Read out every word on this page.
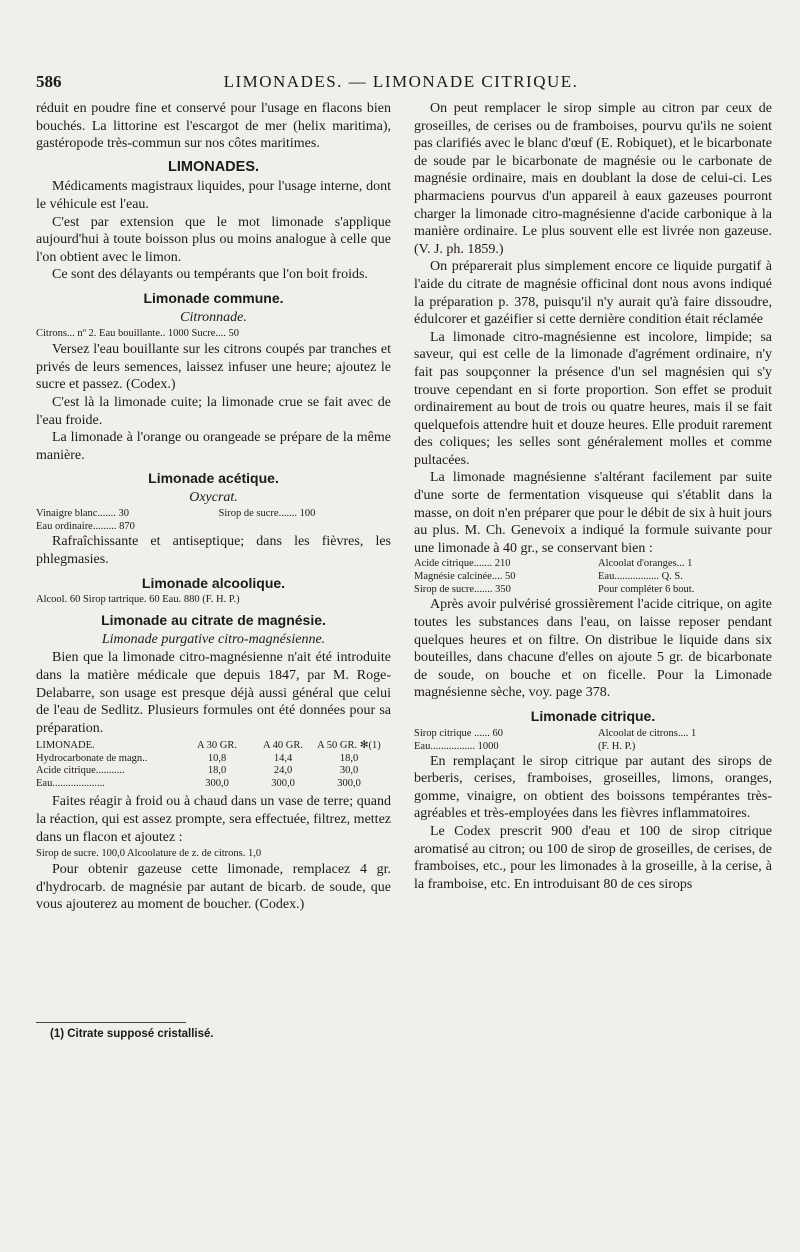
586	LIMONADES. — LIMONADE CITRIQUE.

réduit en poudre fine et conservé pour l'usage en flacons bien bouchés. La littorine est l'escargot de mer (helix maritima), gastéropode très-commun sur nos côtes maritimes.

LIMONADES.

Médicaments magistraux liquides, pour l'usage interne, dont le véhicule est l'eau.

C'est par extension que le mot limonade s'applique aujourd'hui à toute boisson plus ou moins analogue à celle que l'on obtient avec le limon.

Ce sont des délayants ou tempérants que l'on boit froids.

Limonade commune.
Citronnade.
Citrons... nº 2. Eau bouillante.. 1000 Sucre.... 50

Versez l'eau bouillante sur les citrons coupés par tranches et privés de leurs semences, laissez infuser une heure; ajoutez le sucre et passez. (Codex.)

C'est là la limonade cuite; la limonade crue se fait avec de l'eau froide.

La limonade à l'orange ou orangeade se prépare de la même manière.

Limonade acétique.
Oxycrat.
Vinaigre blanc....... 30	Sirop de sucre....... 100
Eau ordinaire......... 870

Rafraîchissante et antiseptique; dans les fièvres, les phlegmasies.

Limonade alcoolique.
Alcool. 60 Sirop tartrique. 60 Eau. 880 (F. H. P.)
Limonade au citrate de magnésie.
Limonade purgative citro-magnésienne.

Bien que la limonade citro-magnésienne n'ait été introduite dans la matière médicale que depuis 1847, par M. Roge-Delabarre, son usage est presque déjà aussi général que celui de l'eau de Sedlitz. Plusieurs formules ont été données pour sa préparation.

LIMONADE.	A 30 GR.	A 40 GR.	A 50 GR. ✻(1)
Hydrocarbonate de magn..	10,8	14,4	18,0
Acide citrique...........	18,0	24,0	30,0
Eau....................	300,0	300,0	300,0

Faites réagir à froid ou à chaud dans un vase de terre; quand la réaction, qui est assez prompte, sera effectuée, filtrez, mettez dans un flacon et ajoutez :

Sirop de sucre. 100,0 Alcoolature de z. de citrons. 1,0

Pour obtenir gazeuse cette limonade, remplacez 4 gr. d'hydrocarb. de magnésie par autant de bicarb. de soude, que vous ajouterez au moment de boucher. (Codex.)

On peut remplacer le sirop simple au citron par ceux de groseilles, de cerises ou de framboises, pourvu qu'ils ne soient pas clarifiés avec le blanc d'œuf (E. Robiquet), et le bicarbonate de soude par le bicarbonate de magnésie ou le carbonate de magnésie ordinaire, mais en doublant la dose de celui-ci. Les pharmaciens pourvus d'un appareil à eaux gazeuses pourront charger la limonade citro-magnésienne d'acide carbonique à la manière ordinaire. Le plus souvent elle est livrée non gazeuse. (V. J. ph. 1859.)

On préparerait plus simplement encore ce liquide purgatif à l'aide du citrate de magnésie officinal dont nous avons indiqué la préparation p. 378, puisqu'il n'y aurait qu'à faire dissoudre, édulcorer et gazéifier si cette dernière condition était réclamée

La limonade citro-magnésienne est incolore, limpide; sa saveur, qui est celle de la limonade d'agrément ordinaire, n'y fait pas soupçonner la présence d'un sel magnésien qui s'y trouve cependant en si forte proportion. Son effet se produit ordinairement au bout de trois ou quatre heures, mais il se fait quelquefois attendre huit et douze heures. Elle produit rarement des coliques; les selles sont généralement molles et comme pultacées.

La limonade magnésienne s'altérant facilement par suite d'une sorte de fermentation visqueuse qui s'établit dans la masse, on doit n'en préparer que pour le débit de six à huit jours au plus. M. Ch. Genevoix a indiqué la formule suivante pour une limonade à 40 gr., se conservant bien :

Acide citrique....... 210	Alcoolat d'oranges... 1
Magnésie calcinée.... 50	Eau................. Q. S.
Sirop de sucre....... 350	Pour compléter 6 bout.

Après avoir pulvérisé grossièrement l'acide citrique, on agite toutes les substances dans l'eau, on laisse reposer pendant quelques heures et on filtre. On distribue le liquide dans six bouteilles, dans chacune d'elles on ajoute 5 gr. de bicarbonate de soude, on bouche et on ficelle. Pour la Limonade magnésienne sèche, voy. page 378.

Limonade citrique.
Sirop citrique ...... 60	Alcoolat de citrons.... 1
Eau................. 1000	(F. H. P.)

En remplaçant le sirop citrique par autant des sirops de berberis, cerises, framboises, groseilles, limons, oranges, gomme, vinaigre, on obtient des boissons tempérantes très-agréables et très-employées dans les fièvres inflammatoires.

Le Codex prescrit 900 d'eau et 100 de sirop citrique aromatisé au citron; ou 100 de sirop de groseilles, de cerises, de framboises, etc., pour les limonades à la groseille, à la cerise, à la framboise, etc. En introduisant 80 de ces sirops

(1) Citrate supposé cristallisé.
